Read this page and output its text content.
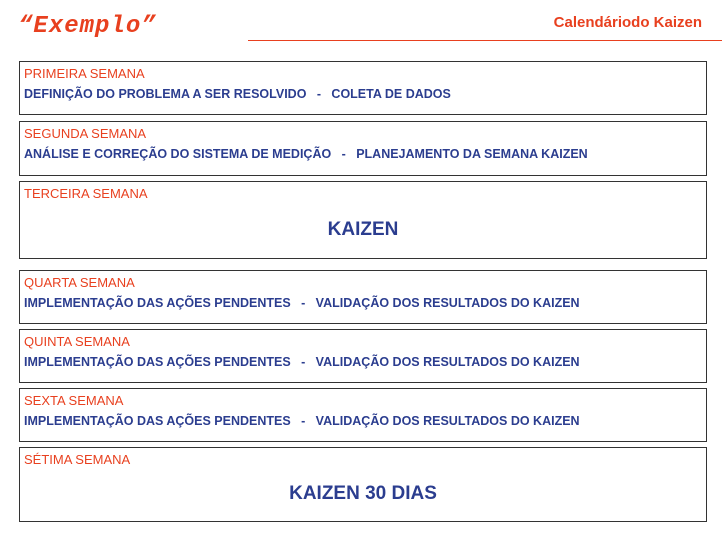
“Exemplo”	Calendáriodo Kaizen
PRIMEIRA SEMANA
DEFINIÇÃO DO PROBLEMA A SER RESOLVIDO   -   COLETA DE DADOS
SEGUNDA SEMANA
ANÁLISE E CORREÇÃO DO SISTEMA DE MEDIÇÃO   -   PLANEJAMENTO DA SEMANA KAIZEN
TERCEIRA SEMANA
KAIZEN
QUARTA SEMANA
IMPLEMENTAÇÃO DAS AÇÕES PENDENTES   -   VALIDAÇÃO DOS RESULTADOS DO KAIZEN
QUINTA SEMANA
IMPLEMENTAÇÃO DAS AÇÕES PENDENTES   -   VALIDAÇÃO DOS RESULTADOS DO KAIZEN
SEXTA SEMANA
IMPLEMENTAÇÃO DAS AÇÕES PENDENTES   -   VALIDAÇÃO DOS RESULTADOS DO KAIZEN
SÉTIMA SEMANA
KAIZEN 30 DIAS
